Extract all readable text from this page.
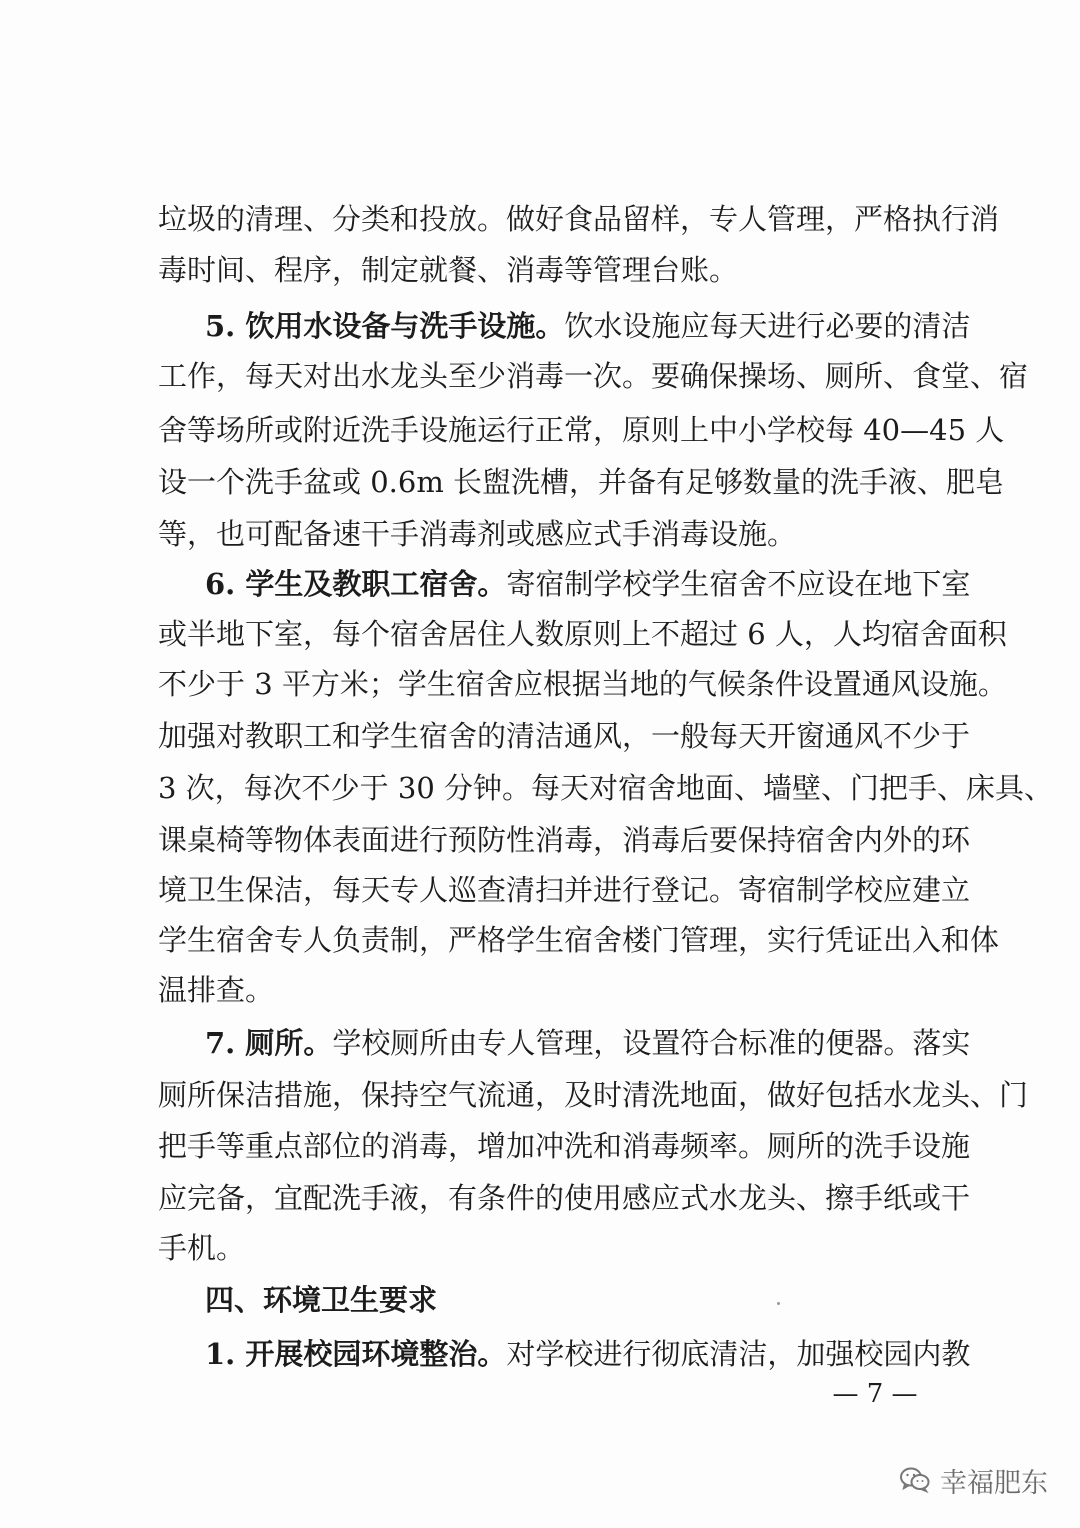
垃圾的清理、分类和投放。做好食品留样，专人管理，严格执行消
毒时间、程序，制定就餐、消毒等管理台账。
5. 饮用水设备与洗手设施。饮水设施应每天进行必要的清洁
工作，每天对出水龙头至少消毒一次。要确保操场、厕所、食堂、宿
舍等场所或附近洗手设施运行正常，原则上中小学校每 40—45 人
设一个洗手盆或 0.6m 长盥洗槽，并备有足够数量的洗手液、肥皂
等，也可配备速干手消毒剂或感应式手消毒设施。
6. 学生及教职工宿舍。寄宿制学校学生宿舍不应设在地下室
或半地下室，每个宿舍居住人数原则上不超过 6 人，人均宿舍面积
不少于 3 平方米；学生宿舍应根据当地的气候条件设置通风设施。
加强对教职工和学生宿舍的清洁通风，一般每天开窗通风不少于
3 次，每次不少于 30 分钟。每天对宿舍地面、墙壁、门把手、床具、
课桌椅等物体表面进行预防性消毒，消毒后要保持宿舍内外的环
境卫生保洁，每天专人巡查清扫并进行登记。寄宿制学校应建立
学生宿舍专人负责制，严格学生宿舍楼门管理，实行凭证出入和体
温排查。
7. 厕所。学校厕所由专人管理，设置符合标准的便器。落实
厕所保洁措施，保持空气流通，及时清洗地面，做好包括水龙头、门
把手等重点部位的消毒，增加冲洗和消毒频率。厕所的洗手设施
应完备，宜配洗手液，有条件的使用感应式水龙头、擦手纸或干
手机。
四、环境卫生要求
1. 开展校园环境整治。对学校进行彻底清洁，加强校园内教
— 7 —
幸福肥东
